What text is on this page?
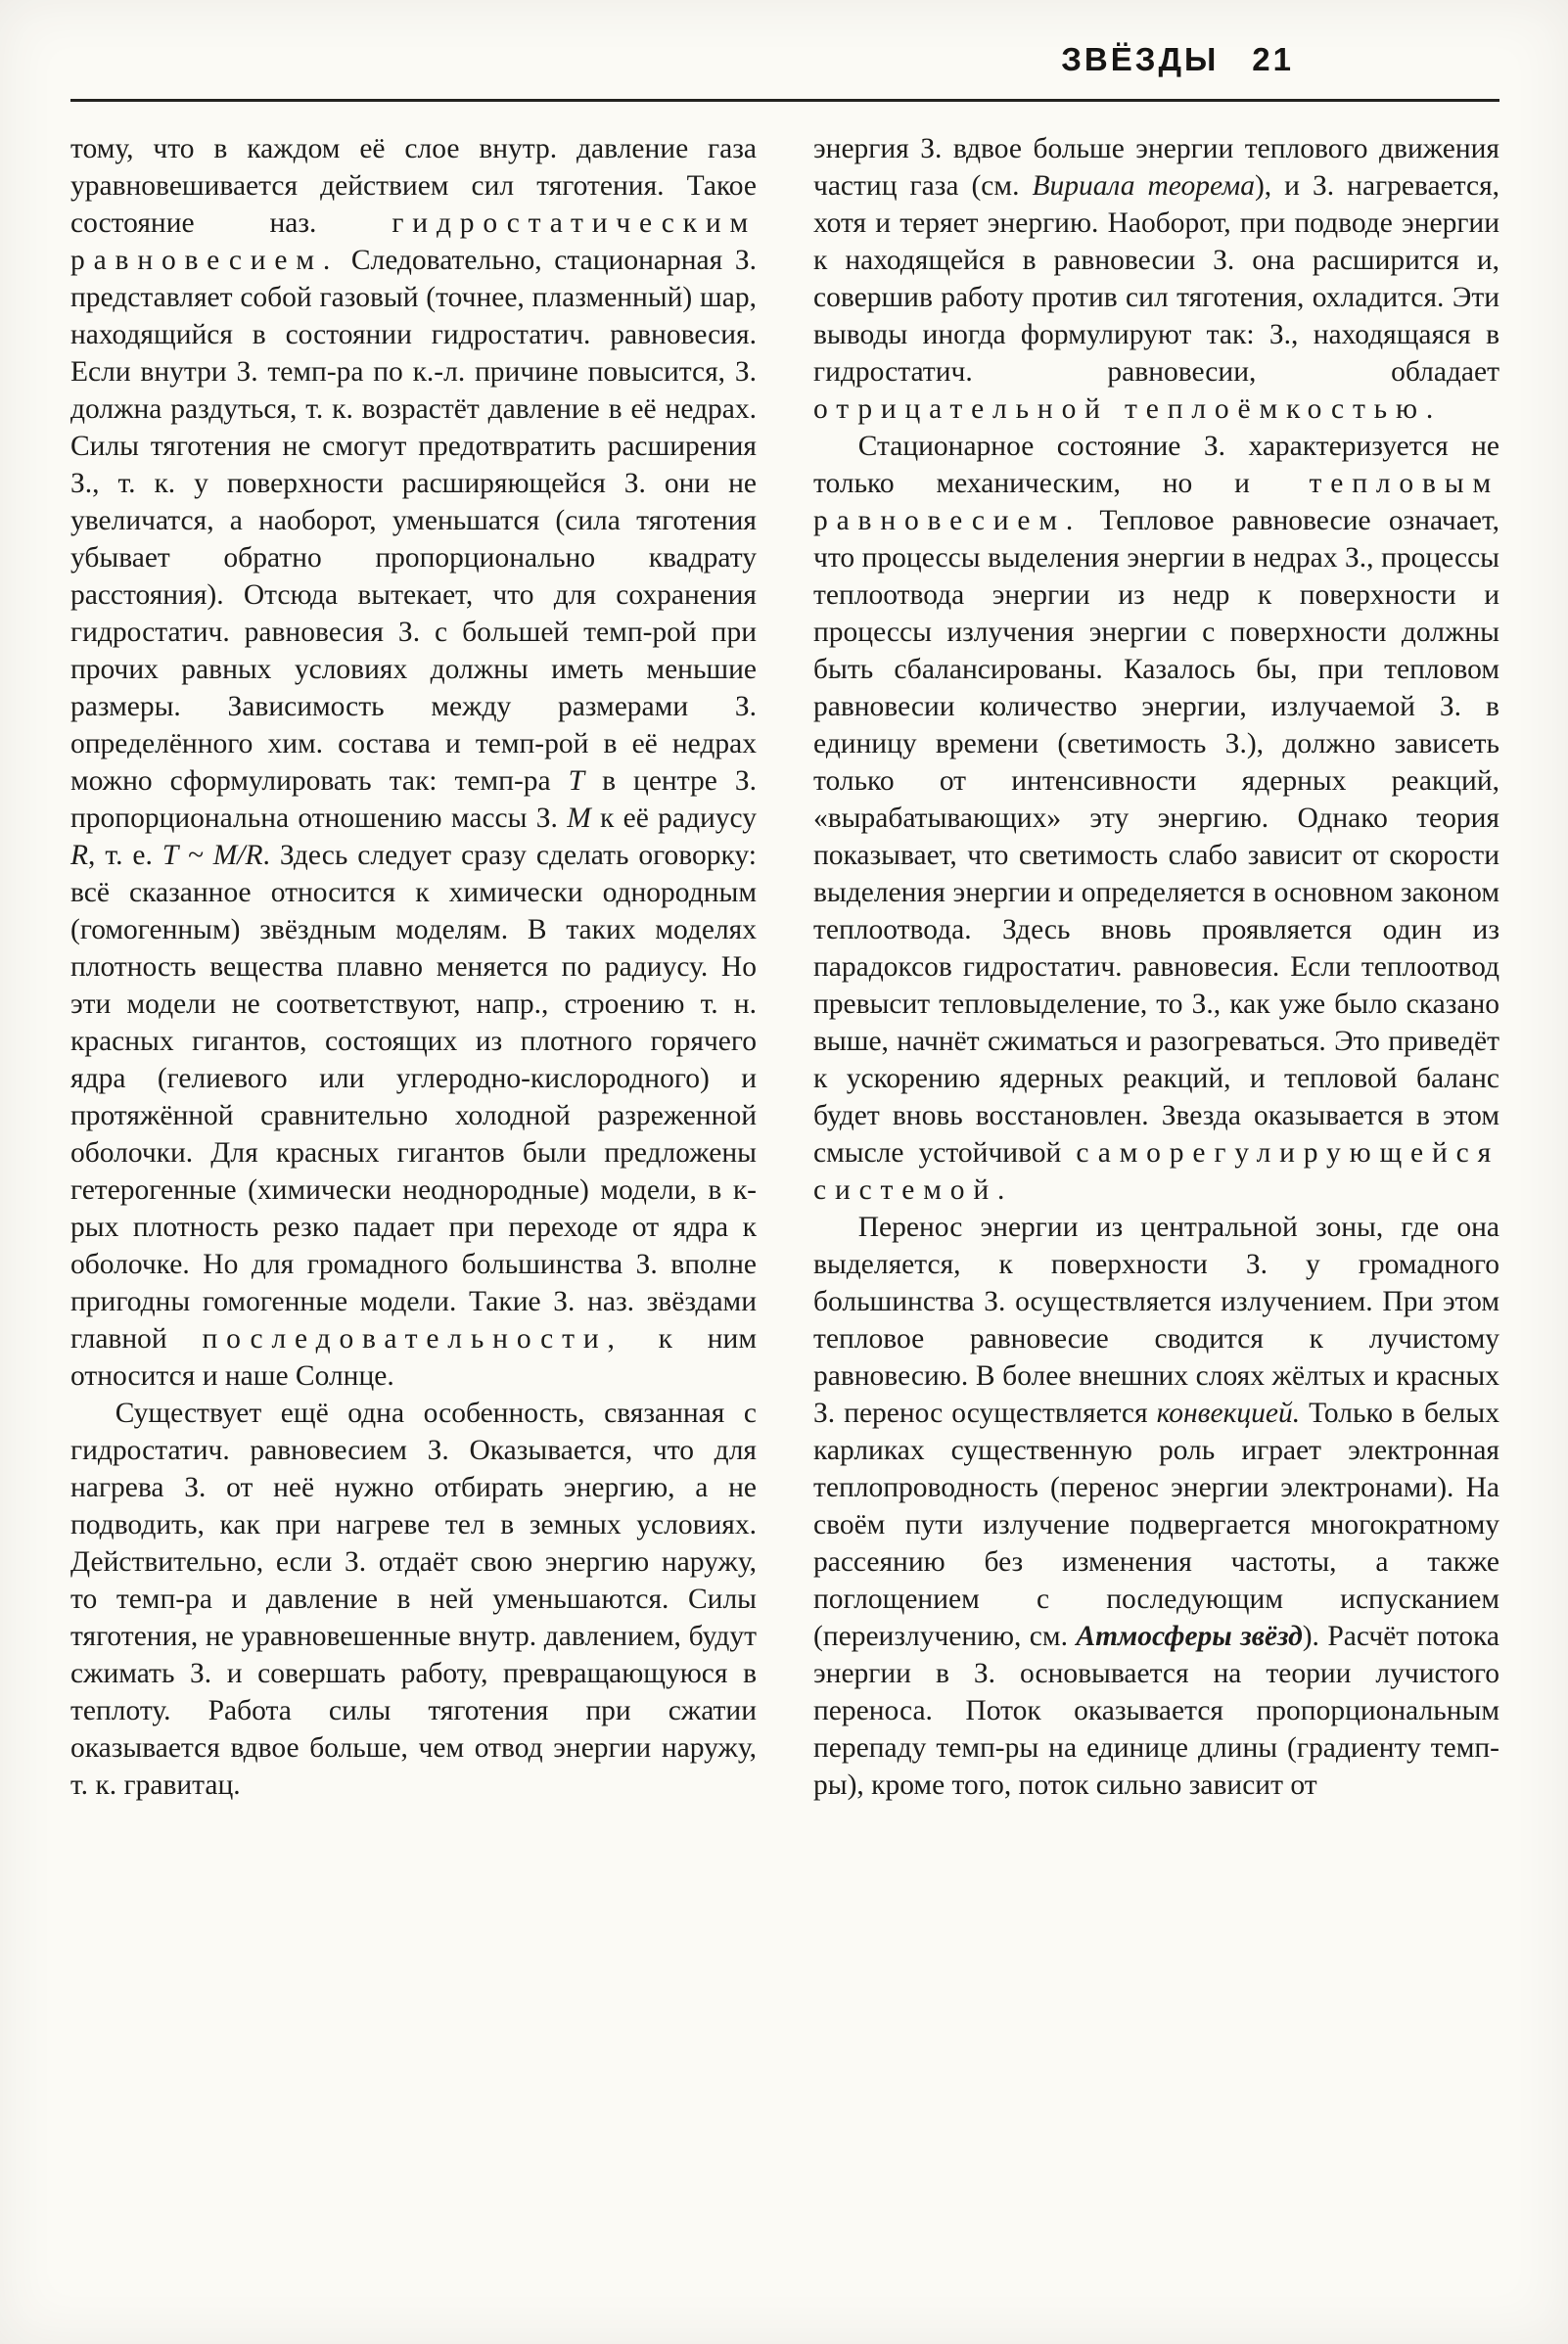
ЗВЁЗДЫ 21

тому, что в каждом её слое внутр. давление газа уравновешивается действием сил тяготения. Такое состояние наз. гидростатическим равновесием. Следовательно, стационарная З. представляет собой газовый (точнее, плазменный) шар, находящийся в состоянии гидростатич. равновесия. Если внутри З. темп-ра по к.-л. причине повысится, З. должна раздуться, т. к. возрастёт давление в её недрах. Силы тяготения не смогут предотвратить расширения З., т. к. у поверхности расширяющейся З. они не увеличатся, а наоборот, уменьшатся (сила тяготения убывает обратно пропорционально квадрату расстояния). Отсюда вытекает, что для сохранения гидростатич. равновесия З. с большей темп-рой при прочих равных условиях должны иметь меньшие размеры. Зависимость между размерами З. определённого хим. состава и темп-рой в её недрах можно сформулировать так: темп-ра T в центре З. пропорциональна отношению массы З. M к её радиусу R, т. е. T ~ M/R. Здесь следует сразу сделать оговорку: всё сказанное относится к химически однородным (гомогенным) звёздным моделям. В таких моделях плотность вещества плавно меняется по радиусу. Но эти модели не соответствуют, напр., строению т. н. красных гигантов, состоящих из плотного горячего ядра (гелиевого или углеродно-кислородного) и протяжённой сравнительно холодной разреженной оболочки. Для красных гигантов были предложены гетерогенные (химически неоднородные) модели, в к-рых плотность резко падает при переходе от ядра к оболочке. Но для громадного большинства З. вполне пригодны гомогенные модели. Такие З. наз. звёздами главной последовательности, к ним относится и наше Солнце.

Существует ещё одна особенность, связанная с гидростатич. равновесием З. Оказывается, что для нагрева З. от неё нужно отбирать энергию, а не подводить, как при нагреве тел в земных условиях. Действительно, если З. отдаёт свою энергию наружу, то темп-ра и давление в ней уменьшаются. Силы тяготения, не уравновешенные внутр. давлением, будут сжимать З. и совершать работу, превращающуюся в теплоту. Работа силы тяготения при сжатии оказывается вдвое больше, чем отвод энергии наружу, т. к. гравитац.

энергия З. вдвое больше энергии теплового движения частиц газа (см. Вириала теорема), и З. нагревается, хотя и теряет энергию. Наоборот, при подводе энергии к находящейся в равновесии З. она расширится и, совершив работу против сил тяготения, охладится. Эти выводы иногда формулируют так: З., находящаяся в гидростатич. равновесии, обладает отрицательной теплоёмкостью.

Стационарное состояние З. характеризуется не только механическим, но и тепловым равновесием. Тепловое равновесие означает, что процессы выделения энергии в недрах З., процессы теплоотвода энергии из недр к поверхности и процессы излучения энергии с поверхности должны быть сбалансированы. Казалось бы, при тепловом равновесии количество энергии, излучаемой З. в единицу времени (светимость З.), должно зависеть только от интенсивности ядерных реакций, «вырабатывающих» эту энергию. Однако теория показывает, что светимость слабо зависит от скорости выделения энергии и определяется в основном законом теплоотвода. Здесь вновь проявляется один из парадоксов гидростатич. равновесия. Если теплоотвод превысит тепловыделение, то З., как уже было сказано выше, начнёт сжиматься и разогреваться. Это приведёт к ускорению ядерных реакций, и тепловой баланс будет вновь восстановлен. Звезда оказывается в этом смысле устойчивой саморегулирующейся системой.

Перенос энергии из центральной зоны, где она выделяется, к поверхности З. у громадного большинства З. осуществляется излучением. При этом тепловое равновесие сводится к лучистому равновесию. В более внешних слоях жёлтых и красных З. перенос осуществляется конвекцией. Только в белых карликах существенную роль играет электронная теплопроводность (перенос энергии электронами). На своём пути излучение подвергается многократному рассеянию без изменения частоты, а также поглощением с последующим испусканием (переизлучению, см. Атмосферы звёзд). Расчёт потока энергии в З. основывается на теории лучистого переноса. Поток оказывается пропорциональным перепаду темп-ры на единице длины (градиенту темп-ры), кроме того, поток сильно зависит от
